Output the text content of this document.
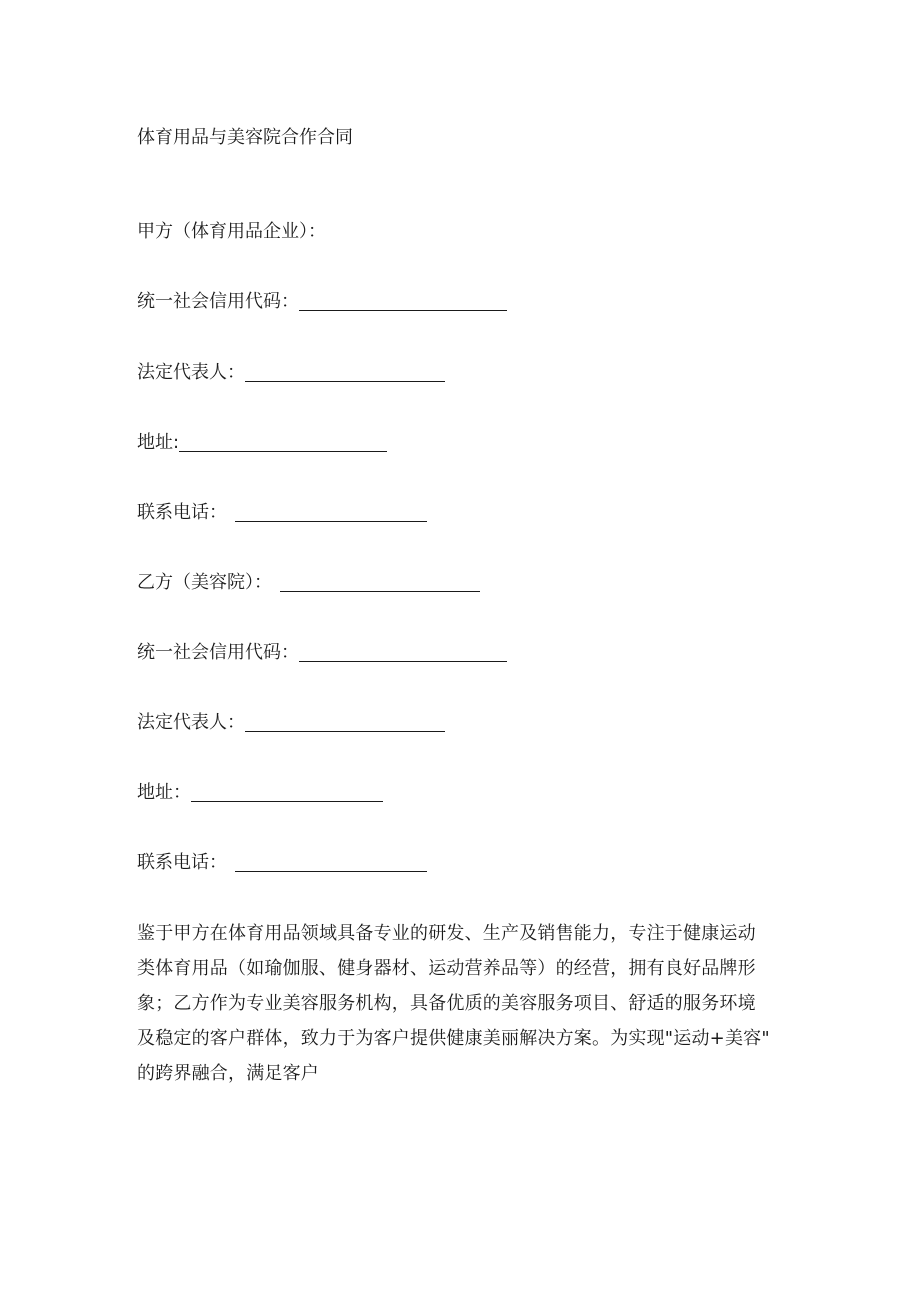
体育用品与美容院合作合同
甲方（体育用品企业）：
统一社会信用代码：
法定代表人：
地址:
联系电话：
乙方（美容院）：
统一社会信用代码：
法定代表人：
地址：
联系电话：
鉴于甲方在体育用品领域具备专业的研发、生产及销售能力，专注于健康运动
类体育用品（如瑜伽服、健身器材、运动营养品等）的经营，拥有良好品牌形
象；乙方作为专业美容服务机构，具备优质的美容服务项目、舒适的服务环境
及稳定的客户群体，致力于为客户提供健康美丽解决方案。为实现"运动+美容"
的跨界融合，满足客户
